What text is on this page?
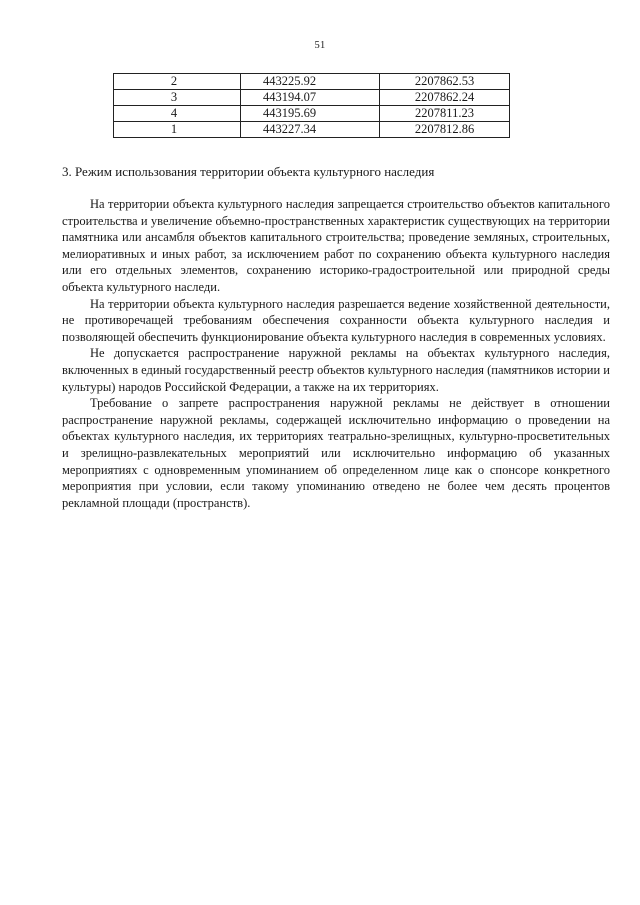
51
2	443225.92	2207862.53
3	443194.07	2207862.24
4	443195.69	2207811.23
1	443227.34	2207812.86
3. Режим использования территории объекта культурного наследия

На территории объекта культурного наследия запрещается строительство объектов капитального строительства и увеличение объемно-пространственных характеристик существующих на территории памятника или ансамбля объектов капитального строительства; проведение земляных, строительных, мелиоративных и иных работ, за исключением работ по сохранению объекта культурного наследия или его отдельных элементов, сохранению историко-градостроительной или природной среды объекта культурного наследи.

На территории объекта культурного наследия разрешается ведение хозяйственной деятельности, не противоречащей требованиям обеспечения сохранности объекта культурного наследия и позволяющей обеспечить функционирование объекта культурного наследия в современных условиях.

Не допускается распространение наружной рекламы на объектах культурного наследия, включенных в единый государственный реестр объектов культурного наследия (памятников истории и культуры) народов Российской Федерации, а также на их территориях.

Требование о запрете распространения наружной рекламы не действует в отношении распространение наружной рекламы, содержащей исключительно информацию о проведении на объектах культурного наследия, их территориях театрально-зрелищных, культурно-просветительных и зрелищно-развлекательных мероприятий или исключительно информацию об указанных мероприятиях с одновременным упоминанием об определенном лице как о спонсоре конкретного мероприятия при условии, если такому упоминанию отведено не более чем десять процентов рекламной площади (пространств).
